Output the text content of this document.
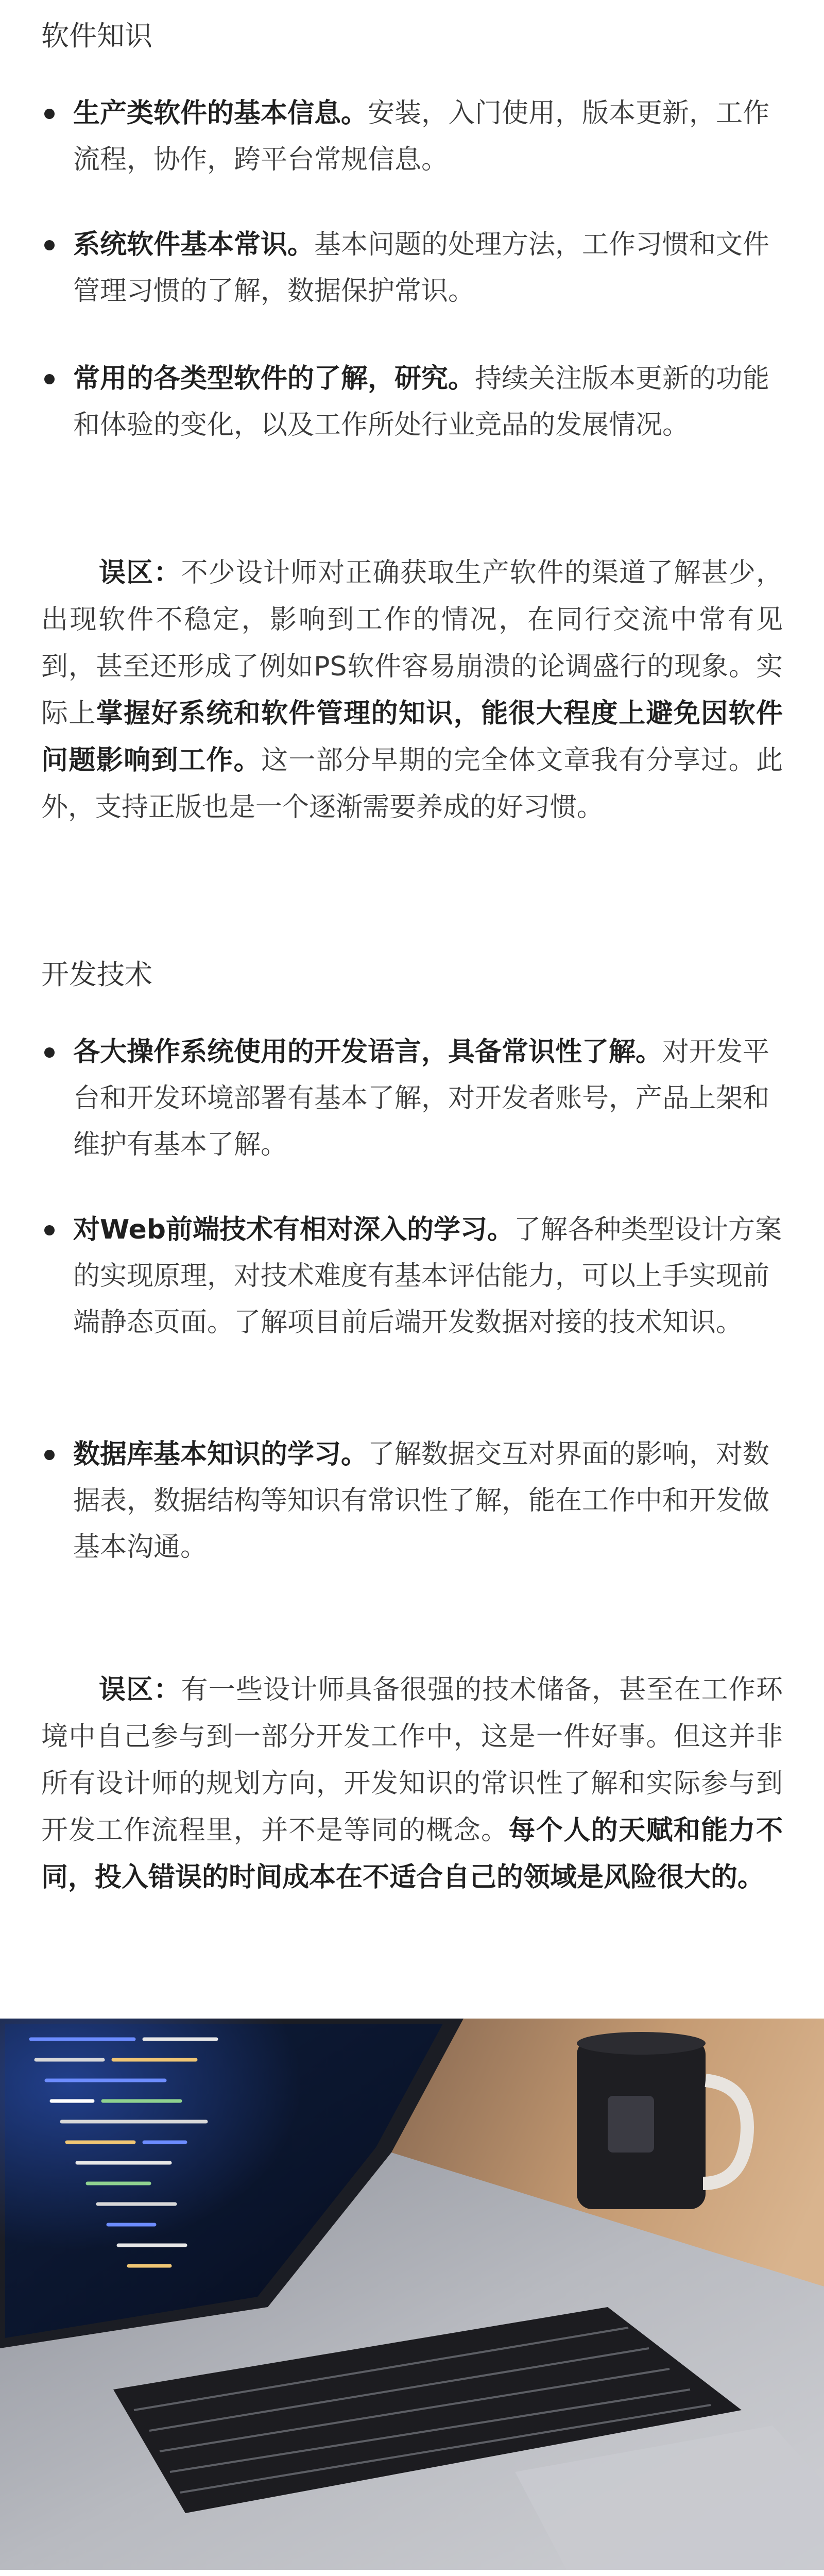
软件知识
生产类软件的基本信息。安装，入门使用，版本更新，工作流程，协作，跨平台常规信息。
系统软件基本常识。基本问题的处理方法，工作习惯和文件管理习惯的了解，数据保护常识。
常用的各类型软件的了解，研究。持续关注版本更新的功能和体验的变化，以及工作所处行业竞品的发展情况。

误区：不少设计师对正确获取生产软件的渠道了解甚少，出现软件不稳定，影响到工作的情况，在同行交流中常有见到，甚至还形成了例如PS软件容易崩溃的论调盛行的现象。实际上掌握好系统和软件管理的知识，能很大程度上避免因软件问题影响到工作。这一部分早期的完全体文章我有分享过。此外，支持正版也是一个逐渐需要养成的好习惯。

开发技术
各大操作系统使用的开发语言，具备常识性了解。对开发平台和开发环境部署有基本了解，对开发者账号，产品上架和维护有基本了解。
对Web前端技术有相对深入的学习。了解各种类型设计方案的实现原理，对技术难度有基本评估能力，可以上手实现前端静态页面。了解项目前后端开发数据对接的技术知识。
数据库基本知识的学习。了解数据交互对界面的影响，对数据表，数据结构等知识有常识性了解，能在工作中和开发做基本沟通。

误区：有一些设计师具备很强的技术储备，甚至在工作环境中自己参与到一部分开发工作中，这是一件好事。但这并非所有设计师的规划方向，开发知识的常识性了解和实际参与到开发工作流程里，并不是等同的概念。每个人的天赋和能力不同，投入错误的时间成本在不适合自己的领域是风险很大的。
